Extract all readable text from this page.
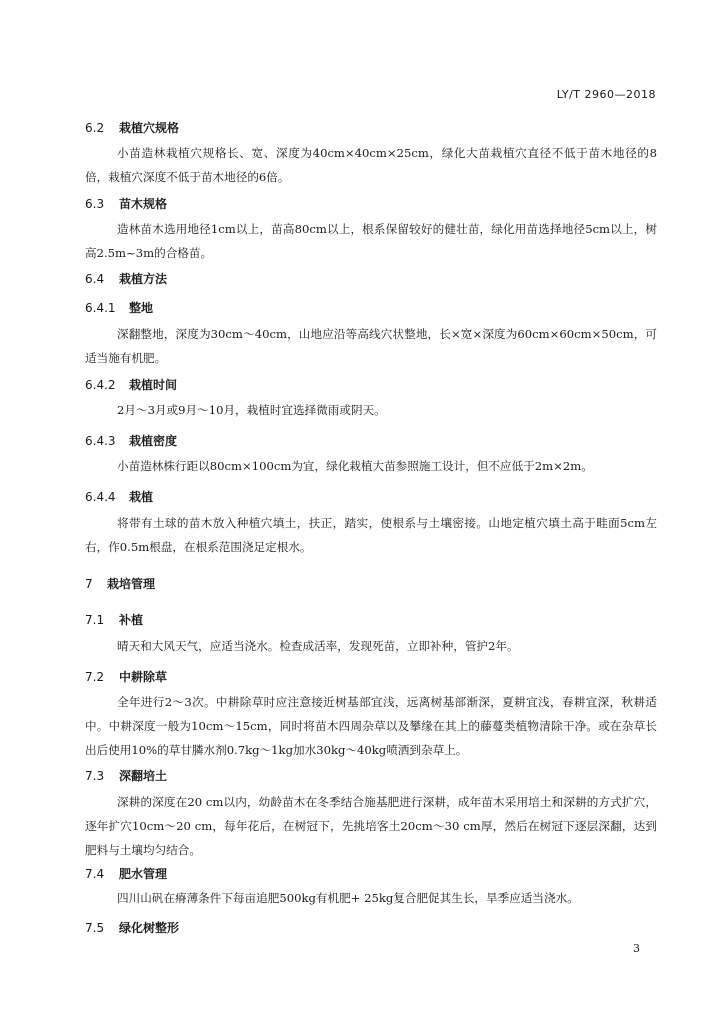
LY/T 2960—2018
6.2 栽植穴规格
小苗造林栽植穴规格长、宽、深度为40cm×40cm×25cm，绿化大苗栽植穴直径不低于苗木地径的8倍，栽植穴深度不低于苗木地径的6倍。
6.3 苗木规格
造林苗木选用地径1cm以上，苗高80cm以上，根系保留较好的健壮苗，绿化用苗选择地径5cm以上，树高2.5m~3m的合格苗。
6.4 栽植方法
6.4.1 整地
深翻整地，深度为30cm～40cm，山地应沿等高线穴状整地，长×宽×深度为60cm×60cm×50cm，可适当施有机肥。
6.4.2 栽植时间
2月～3月或9月～10月，栽植时宜选择微雨或阴天。
6.4.3 栽植密度
小苗造林株行距以80cm×100cm为宜，绿化栽植大苗参照施工设计，但不应低于2m×2m。
6.4.4 栽植
将带有土球的苗木放入种植穴填土，扶正，踏实，使根系与土壤密接。山地定植穴填土高于畦面5cm左右，作0.5m根盘，在根系范围浇足定根水。
7 栽培管理
7.1 补植
晴天和大风天气，应适当浇水。检查成活率，发现死苗，立即补种，管护2年。
7.2 中耕除草
全年进行2～3次。中耕除草时应注意接近树基部宜浅，远离树基部渐深，夏耕宜浅，春耕宜深，秋耕适中。中耕深度一般为10cm～15cm，同时将苗木四周杂草以及攀缘在其上的藤蔓类植物清除干净。或在杂草长出后使用10%的草甘膦水剂0.7kg～1kg加水30kg～40kg喷洒到杂草上。
7.3 深翻培土
深耕的深度在20 cm以内，幼龄苗木在冬季结合施基肥进行深耕，成年苗木采用培土和深耕的方式扩穴，逐年扩穴10cm～20 cm，每年花后，在树冠下，先挑培客土20cm～30 cm厚，然后在树冠下逐层深翻，达到肥料与土壤均匀结合。
7.4 肥水管理
四川山矾在瘠薄条件下每亩追肥500kg有机肥+ 25kg复合肥促其生长，旱季应适当浇水。
7.5 绿化树整形
3
